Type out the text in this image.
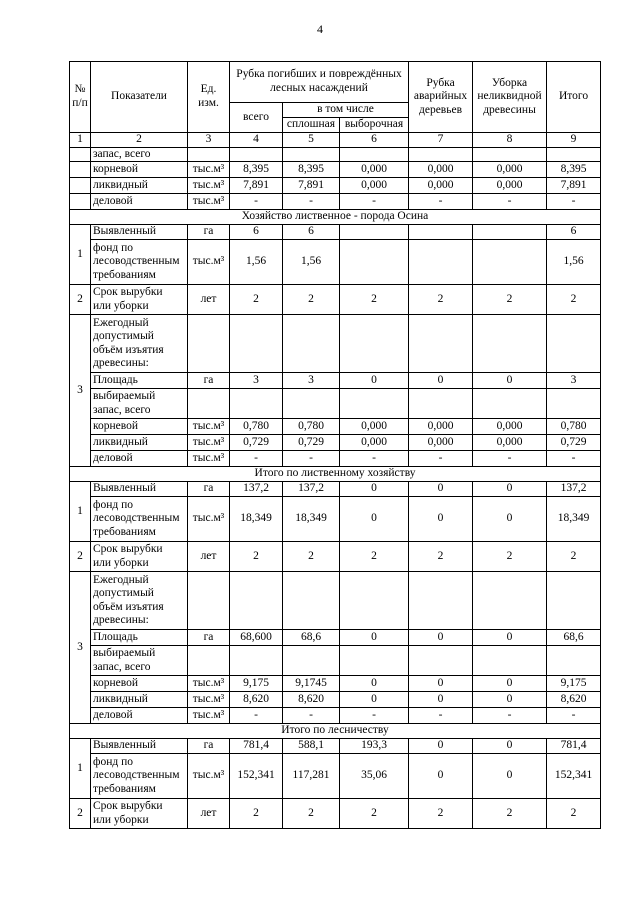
4
№ п/п	Показатели	Ед. изм.	Рубка погибших и повреждённых лесных насаждений			Рубка аварийных деревьев	Уборка неликвидной древесины	Итого
			всего	в том числе				
				сплошная	выборочная			
1	2	3	4	5	6	7	8	9
	запас, всего							
	корневой	тыс.м³	8,395	8,395	0,000	0,000	0,000	8,395
	ликвидный	тыс.м³	7,891	7,891	0,000	0,000	0,000	7,891
	деловой	тыс.м³	-	-	-	-	-	-
Хозяйство лиственное - порода Осина								
1	Выявленный	га	6	6				6

	фонд по
лесоводственным
требованиям	тыс.м³	1,56	1,56				1,56
2	Срок вырубки
или уборки	лет	2	2	2	2	2	2
3	Ежегодный
допустимый
объём изъятия
древесины:							

	Площадь	га	3	3	0	0	0	3

	выбираемый
запас, всего							

	корневой	тыс.м³	0,780	0,780	0,000	0,000	0,000	0,780
	ликвидный	тыс.м³	0,729	0,729	0,000	0,000	0,000	0,729
	деловой	тыс.м³	-	-	-	-	-	-
Итого по лиственному хозяйству								
1	Выявленный	га	137,2	137,2	0	0	0	137,2

	фонд по
лесоводственным
требованиям	тыс.м³	18,349	18,349	0	0	0	18,349
2	Срок вырубки
или уборки	лет	2	2	2	2	2	2
3	Ежегодный
допустимый
объём изъятия
древесины:							

	Площадь	га	68,600	68,6	0	0	0	68,6

	выбираемый
запас, всего							

	корневой	тыс.м³	9,175	9,1745	0	0	0	9,175
	ликвидный	тыс.м³	8,620	8,620	0	0	0	8,620
	деловой	тыс.м³	-	-	-	-	-	-
Итого по лесничеству								
1	Выявленный	га	781,4	588,1	193,3	0	0	781,4

	фонд по
лесоводственным
требованиям	тыс.м³	152,341	117,281	35,06	0	0	152,341
2	Срок вырубки
или уборки	лет	2	2	2	2	2	2
